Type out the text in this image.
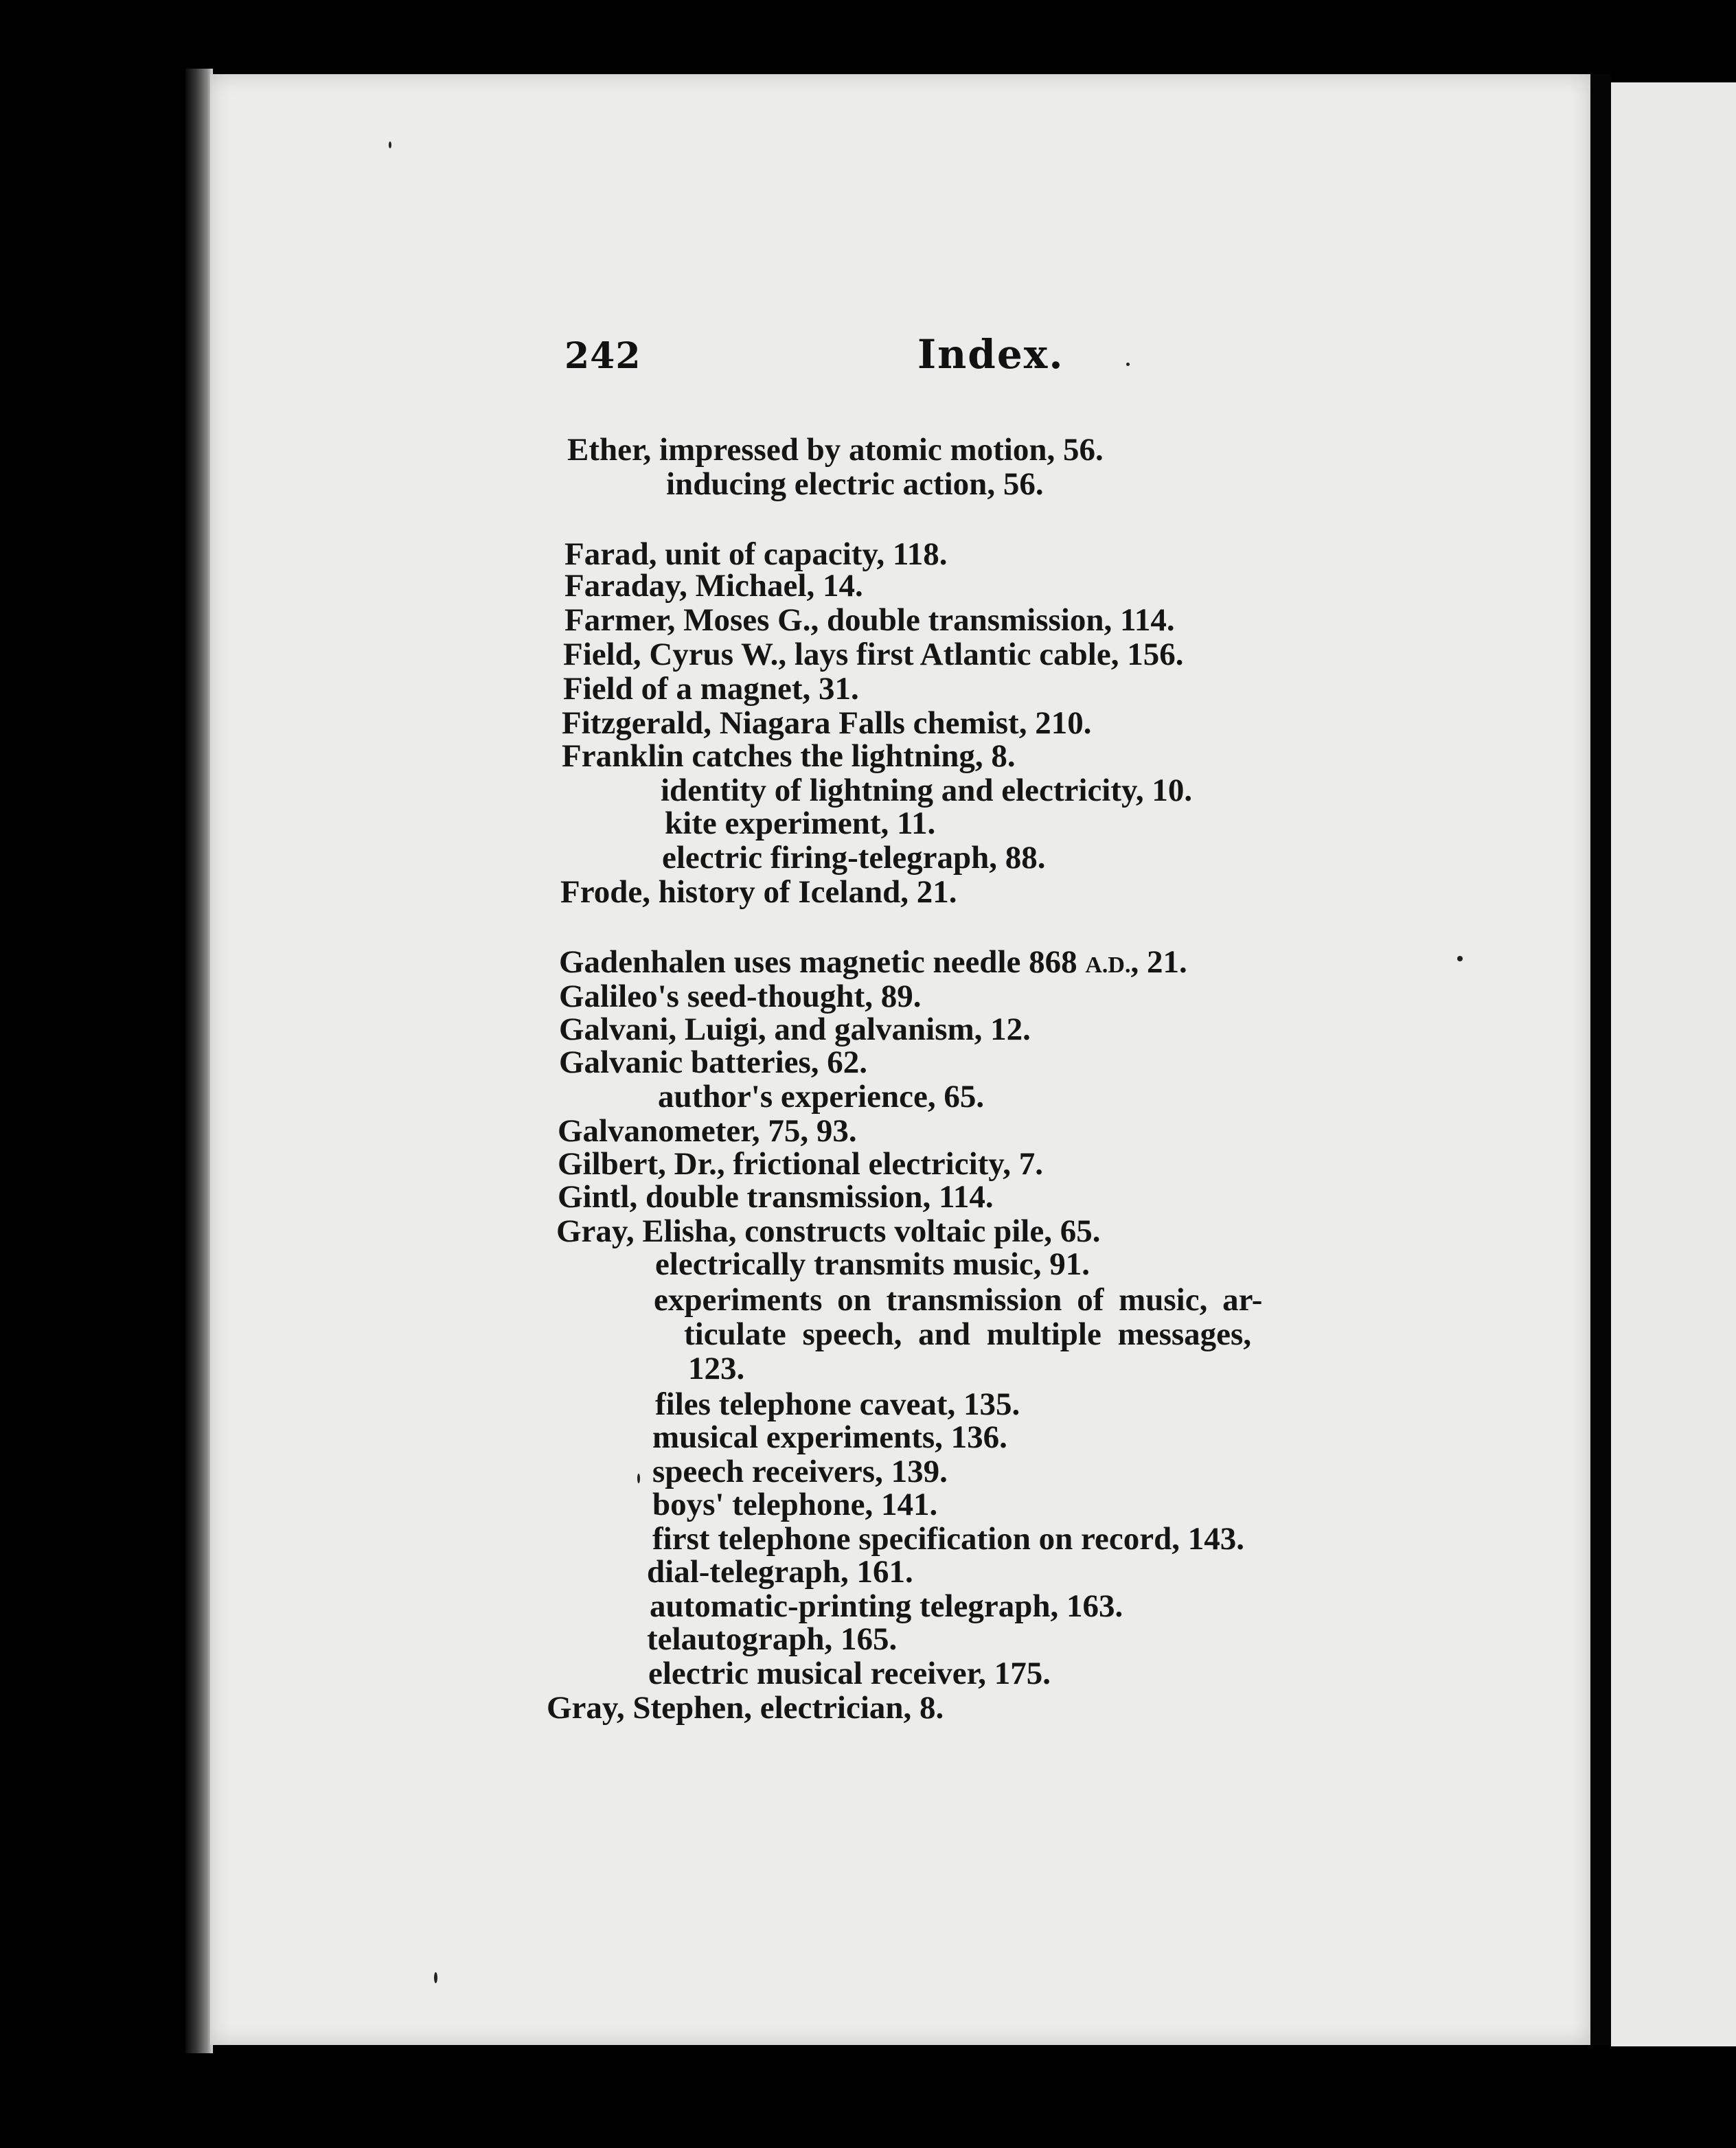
242	Index.
Ether, impressed by atomic motion, 56.
inducing electric action, 56.
Farad, unit of capacity, 118.
Faraday, Michael, 14.
Farmer, Moses G., double transmission, 114.
Field, Cyrus W., lays first Atlantic cable, 156.
Field of a magnet, 31.
Fitzgerald, Niagara Falls chemist, 210.
Franklin catches the lightning, 8.
identity of lightning and electricity, 10.
kite experiment, 11.
electric firing-telegraph, 88.
Frode, history of Iceland, 21.
Gadenhalen uses magnetic needle 868 A.D., 21.
Galileo's seed-thought, 89.
Galvani, Luigi, and galvanism, 12.
Galvanic batteries, 62.
author's experience, 65.
Galvanometer, 75, 93.
Gilbert, Dr., frictional electricity, 7.
Gintl, double transmission, 114.
Gray, Elisha, constructs voltaic pile, 65.
electrically transmits music, 91.
experiments on transmission of music, ar-
ticulate speech, and multiple messages,
123.
files telephone caveat, 135.
musical experiments, 136.
speech receivers, 139.
boys' telephone, 141.
first telephone specification on record, 143.
dial-telegraph, 161.
automatic-printing telegraph, 163.
telautograph, 165.
electric musical receiver, 175.
Gray, Stephen, electrician, 8.
